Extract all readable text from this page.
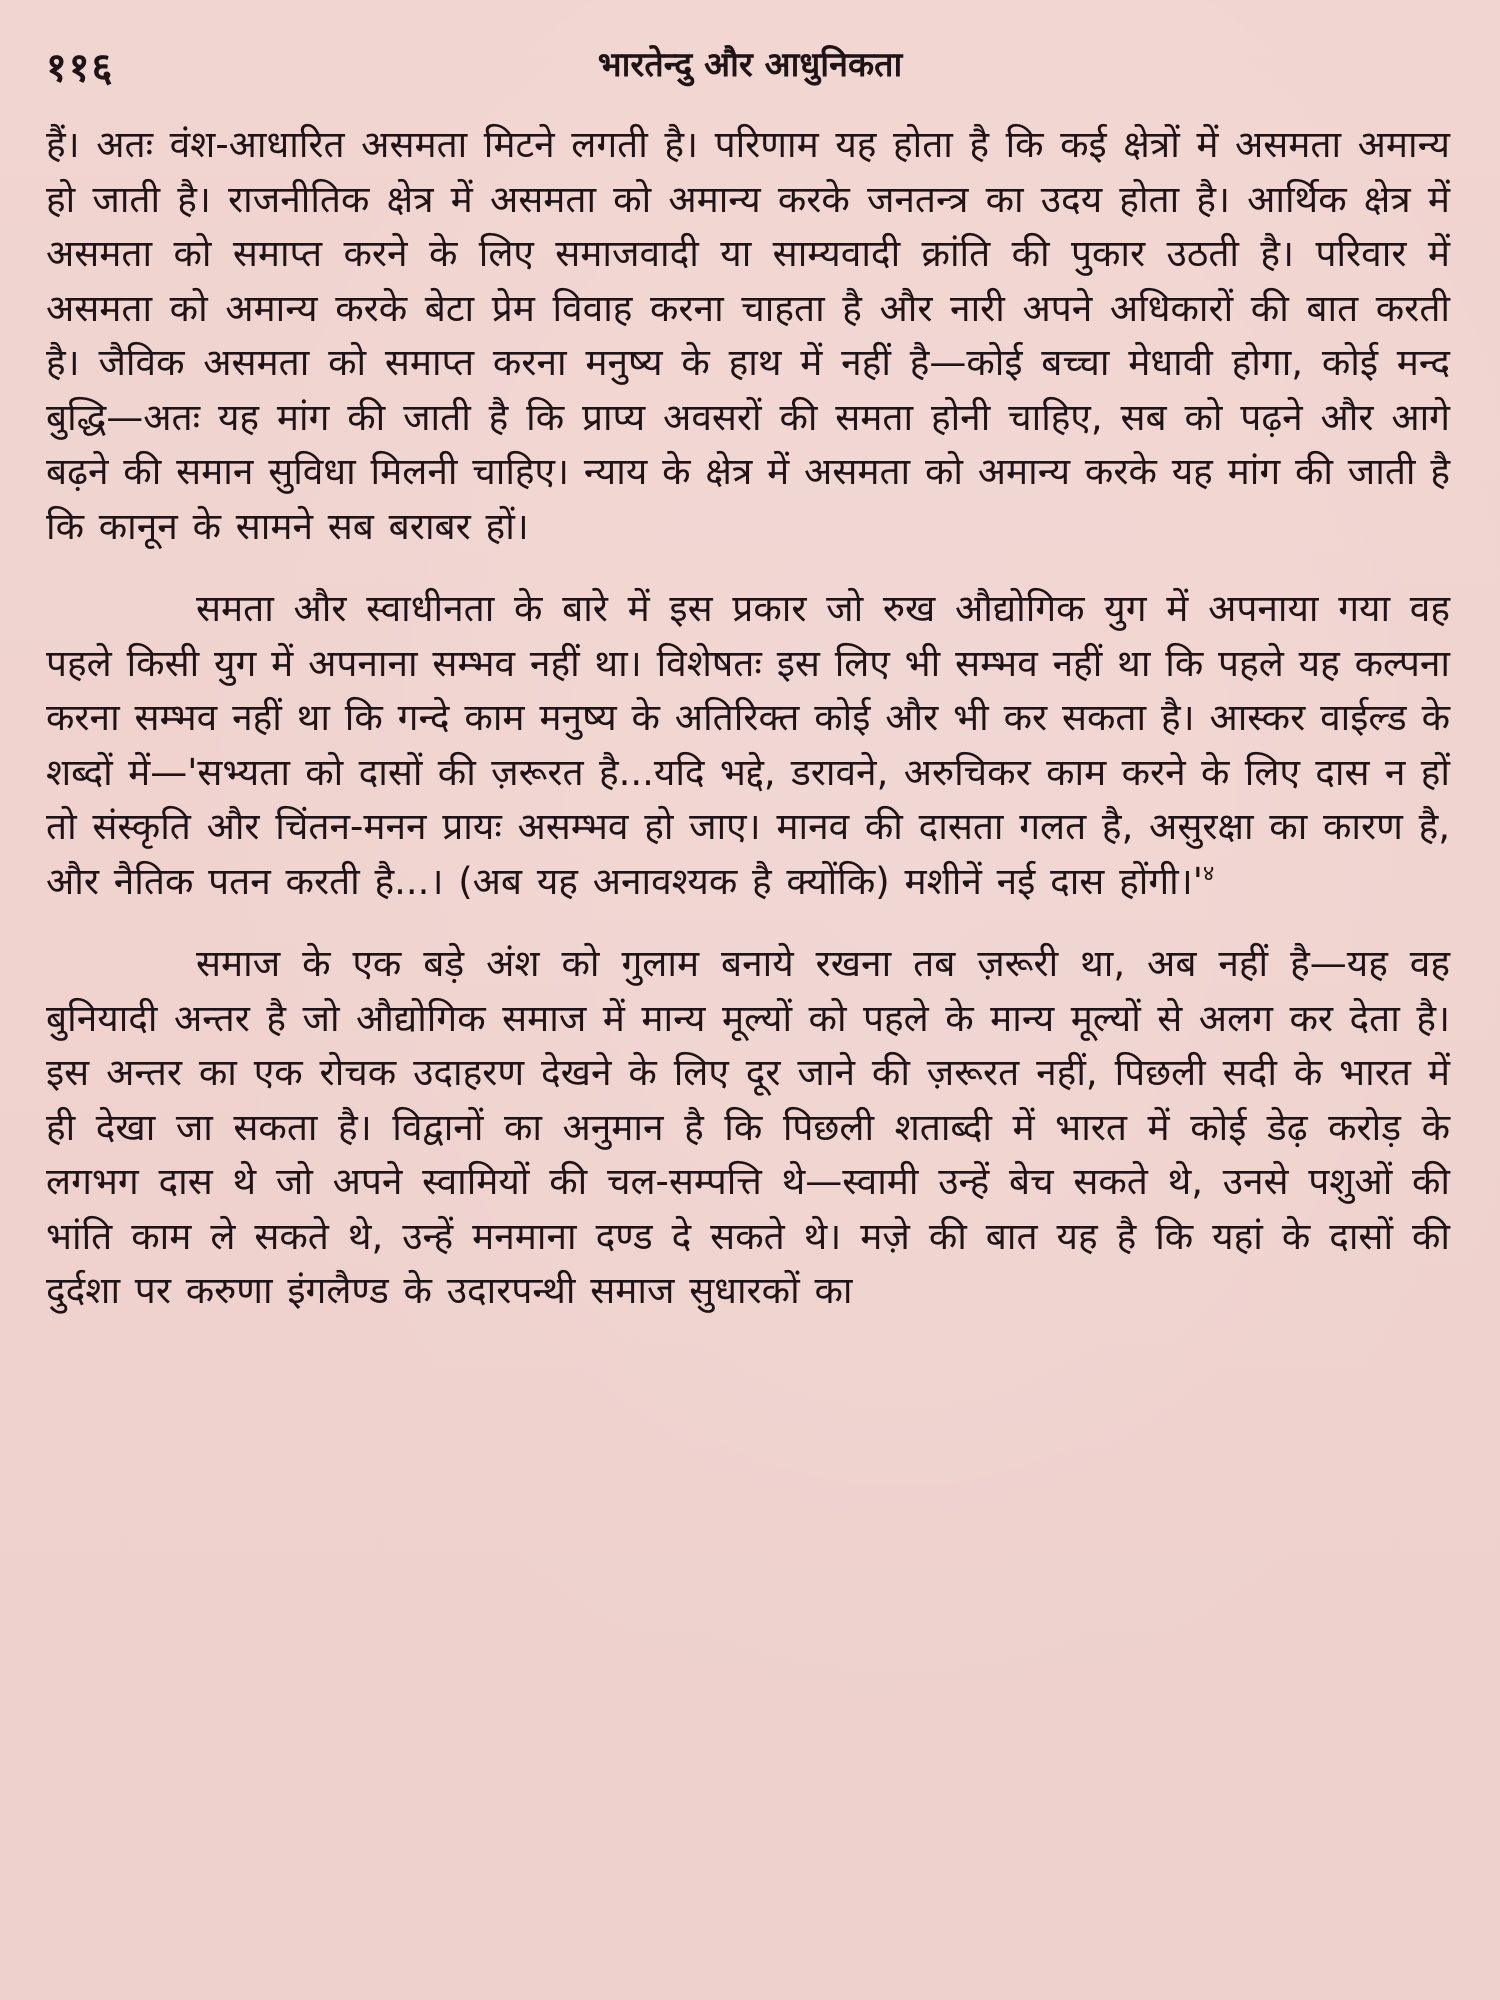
११६	भारतेन्दु और आधुनिकता

हैं। अतः वंश-आधारित असमता मिटने लगती है। परिणाम यह होता है कि कई क्षेत्रों में असमता अमान्य हो जाती है। राजनीतिक क्षेत्र में असमता को अमान्य करके जनतन्त्र का उदय होता है। आर्थिक क्षेत्र में असमता को समाप्त करने के लिए समाजवादी या साम्यवादी क्रांति की पुकार उठती है। परिवार में असमता को अमान्य करके बेटा प्रेम विवाह करना चाहता है और नारी अपने अधिकारों की बात करती है। जैविक असमता को समाप्त करना मनुष्य के हाथ में नहीं है—कोई बच्चा मेधावी होगा, कोई मन्द बुद्धि—अतः यह मांग की जाती है कि प्राप्य अवसरों की समता होनी चाहिए, सब को पढ़ने और आगे बढ़ने की समान सुविधा मिलनी चाहिए। न्याय के क्षेत्र में असमता को अमान्य करके यह मांग की जाती है कि कानून के सामने सब बराबर हों।

समता और स्वाधीनता के बारे में इस प्रकार जो रुख औद्योगिक युग में अपनाया गया वह पहले किसी युग में अपनाना सम्भव नहीं था। विशेषतः इस लिए भी सम्भव नहीं था कि पहले यह कल्पना करना सम्भव नहीं था कि गन्दे काम मनुष्य के अतिरिक्त कोई और भी कर सकता है। आस्कर वाईल्ड के शब्दों में—'सभ्यता को दासों की ज़रूरत है...यदि भद्दे, डरावने, अरुचिकर काम करने के लिए दास न हों तो संस्कृति और चिंतन-मनन प्रायः असम्भव हो जाए। मानव की दासता गलत है, असुरक्षा का कारण है, और नैतिक पतन करती है...। (अब यह अनावश्यक है क्योंकि) मशीनें नई दास होंगी।'$^४$

समाज के एक बड़े अंश को गुलाम बनाये रखना तब ज़रूरी था, अब नहीं है—यह वह बुनियादी अन्तर है जो औद्योगिक समाज में मान्य मूल्यों को पहले के मान्य मूल्यों से अलग कर देता है। इस अन्तर का एक रोचक उदाहरण देखने के लिए दूर जाने की ज़रूरत नहीं, पिछली सदी के भारत में ही देखा जा सकता है। विद्वानों का अनुमान है कि पिछली शताब्दी में भारत में कोई डेढ़ करोड़ के लगभग दास थे जो अपने स्वामियों की चल-सम्पत्ति थे—स्वामी उन्हें बेच सकते थे, उनसे पशुओं की भांति काम ले सकते थे, उन्हें मनमाना दण्ड दे सकते थे। मज़े की बात यह है कि यहां के दासों की दुर्दशा पर करुणा इंगलैण्ड के उदारपन्थी समाज सुधारकों का
